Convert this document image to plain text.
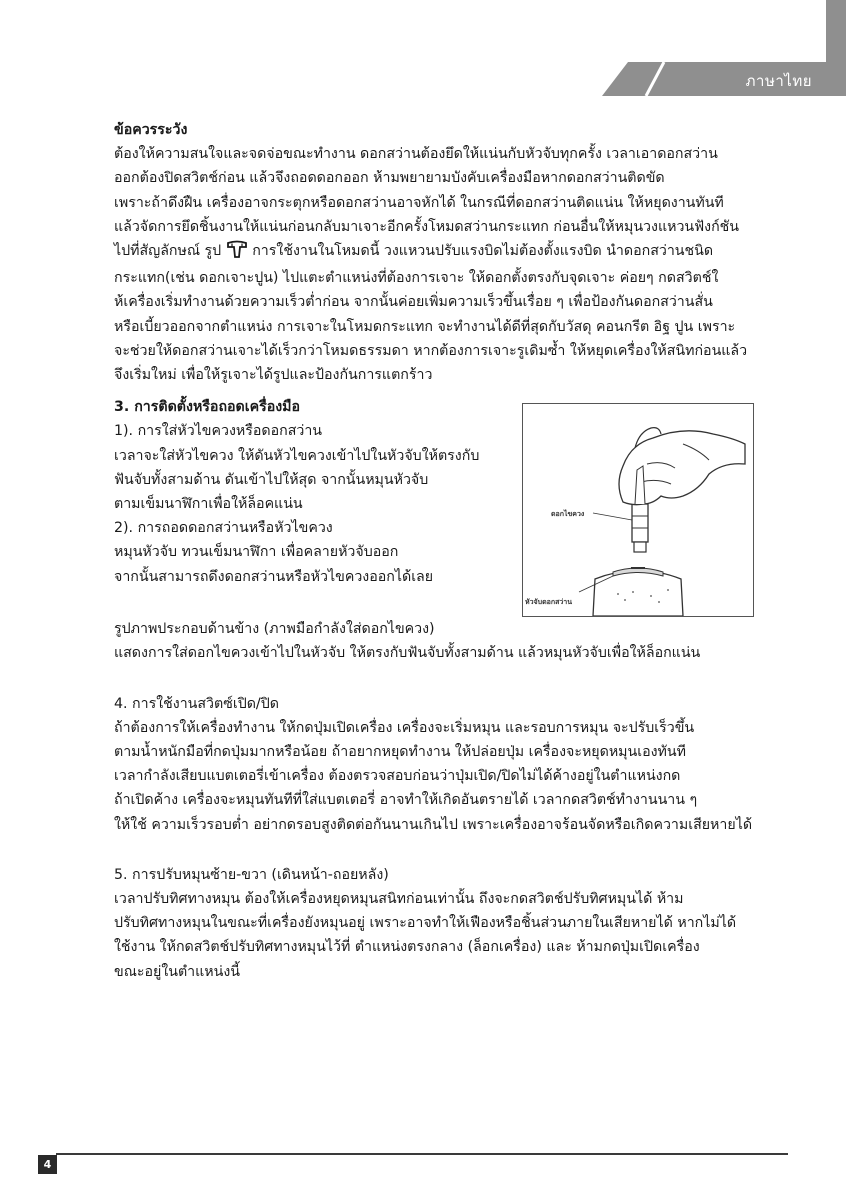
ภาษาไทย

ข้อควรระวัง

ต้องให้ความสนใจและจดจ่อขณะทำงาน ดอกสว่านต้องยึดให้แน่นกับหัวจับทุกครั้ง เวลาเอาดอกสว่าน

ออกต้องปิดสวิตช์ก่อน แล้วจึงถอดดอกออก ห้ามพยายามบังคับเครื่องมือหากดอกสว่านติดขัด

เพราะถ้าดึงฝืน เครื่องอาจกระตุกหรือดอกสว่านอาจหักได้ ในกรณีที่ดอกสว่านติดแน่น ให้หยุดงานทันที

แล้วจัดการยึดชิ้นงานให้แน่นก่อนกลับมาเจาะอีกครั้งโหมดสว่านกระแทก ก่อนอื่นให้หมุนวงแหวนฟังก์ชัน

ไปที่สัญลักษณ์ รูป การใช้งานในโหมดนี้ วงแหวนปรับแรงบิดไม่ต้องตั้งแรงบิด นำดอกสว่านชนิด

กระแทก(เช่น ดอกเจาะปูน) ไปแตะตำแหน่งที่ต้องการเจาะ ให้ดอกตั้งตรงกับจุดเจาะ ค่อยๆ กดสวิตช์ใ

ห้เครื่องเริ่มทำงานด้วยความเร็วต่ำก่อน จากนั้นค่อยเพิ่มความเร็วขึ้นเรื่อย ๆ เพื่อป้องกันดอกสว่านสั่น

หรือเบี้ยวออกจากตำแหน่ง การเจาะในโหมดกระแทก จะทำงานได้ดีที่สุดกับวัสดุ คอนกรีต อิฐ ปูน เพราะ

จะช่วยให้ดอกสว่านเจาะได้เร็วกว่าโหมดธรรมดา หากต้องการเจาะรูเดิมซ้ำ ให้หยุดเครื่องให้สนิทก่อนแล้ว

จึงเริ่มใหม่ เพื่อให้รูเจาะได้รูปและป้องกันการแตกร้าว

3. การติดตั้งหรือถอดเครื่องมือ

1). การใส่หัวไขควงหรือดอกสว่าน

เวลาจะใส่หัวไขควง ให้ดันหัวไขควงเข้าไปในหัวจับให้ตรงกับ

ฟันจับทั้งสามด้าน ดันเข้าไปให้สุด จากนั้นหมุนหัวจับ

ตามเข็มนาฬิกาเพื่อให้ล็อคแน่น

2). การถอดดอกสว่านหรือหัวไขควง

หมุนหัวจับ ทวนเข็มนาฬิกา เพื่อคลายหัวจับออก

จากนั้นสามารถดึงดอกสว่านหรือหัวไขควงออกได้เลย

ดอกไขควง
หัวจับดอกสว่าน

รูปภาพประกอบด้านข้าง (ภาพมือกำลังใส่ดอกไขควง)

แสดงการใส่ดอกไขควงเข้าไปในหัวจับ ให้ตรงกับฟันจับทั้งสามด้าน แล้วหมุนหัวจับเพื่อให้ล็อกแน่น

4. การใช้งานสวิตซ์เปิด/ปิด

ถ้าต้องการให้เครื่องทำงาน ให้กดปุ่มเปิดเครื่อง เครื่องจะเริ่มหมุน และรอบการหมุน จะปรับเร็วขึ้น

ตามน้ำหนักมือที่กดปุ่มมากหรือน้อย ถ้าอยากหยุดทำงาน ให้ปล่อยปุ่ม เครื่องจะหยุดหมุนเองทันที

เวลากำลังเสียบแบตเตอรี่เข้าเครื่อง ต้องตรวจสอบก่อนว่าปุ่มเปิด/ปิดไม่ได้ค้างอยู่ในตำแหน่งกด

ถ้าเปิดค้าง เครื่องจะหมุนทันทีที่ใส่แบตเตอรี่ อาจทำให้เกิดอันตรายได้ เวลากดสวิตช์ทำงานนาน ๆ

ให้ใช้ ความเร็วรอบต่ำ อย่ากดรอบสูงติดต่อกันนานเกินไป เพราะเครื่องอาจร้อนจัดหรือเกิดความเสียหายได้

5. การปรับหมุนซ้าย-ขวา (เดินหน้า-ถอยหลัง)

เวลาปรับทิศทางหมุน ต้องให้เครื่องหยุดหมุนสนิทก่อนเท่านั้น ถึงจะกดสวิตช์ปรับทิศหมุนได้ ห้าม

ปรับทิศทางหมุนในขณะที่เครื่องยังหมุนอยู่ เพราะอาจทำให้เฟืองหรือชิ้นส่วนภายในเสียหายได้ หากไม่ได้

ใช้งาน ให้กดสวิตช์ปรับทิศทางหมุนไว้ที่ ตำแหน่งตรงกลาง (ล็อกเครื่อง) และ ห้ามกดปุ่มเปิดเครื่อง

ขณะอยู่ในตำแหน่งนี้

4
